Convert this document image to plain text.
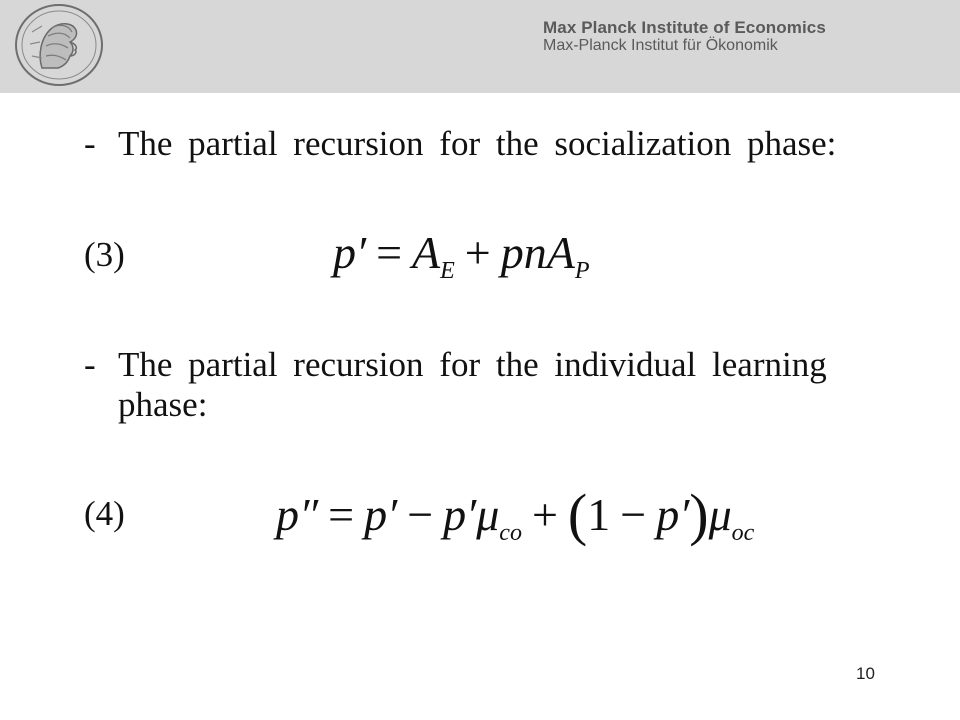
Max Planck Institute of Economics
Max-Planck Institut für Ökonomik
- The partial recursion for the socialization phase:
(3)	$p' = A_E + pnA_P$
- The partial recursion for the individual learning
phase:
(4)	$p'' = p' - p'\mu_{co} + (1 - p')\mu_{oc}$
10
